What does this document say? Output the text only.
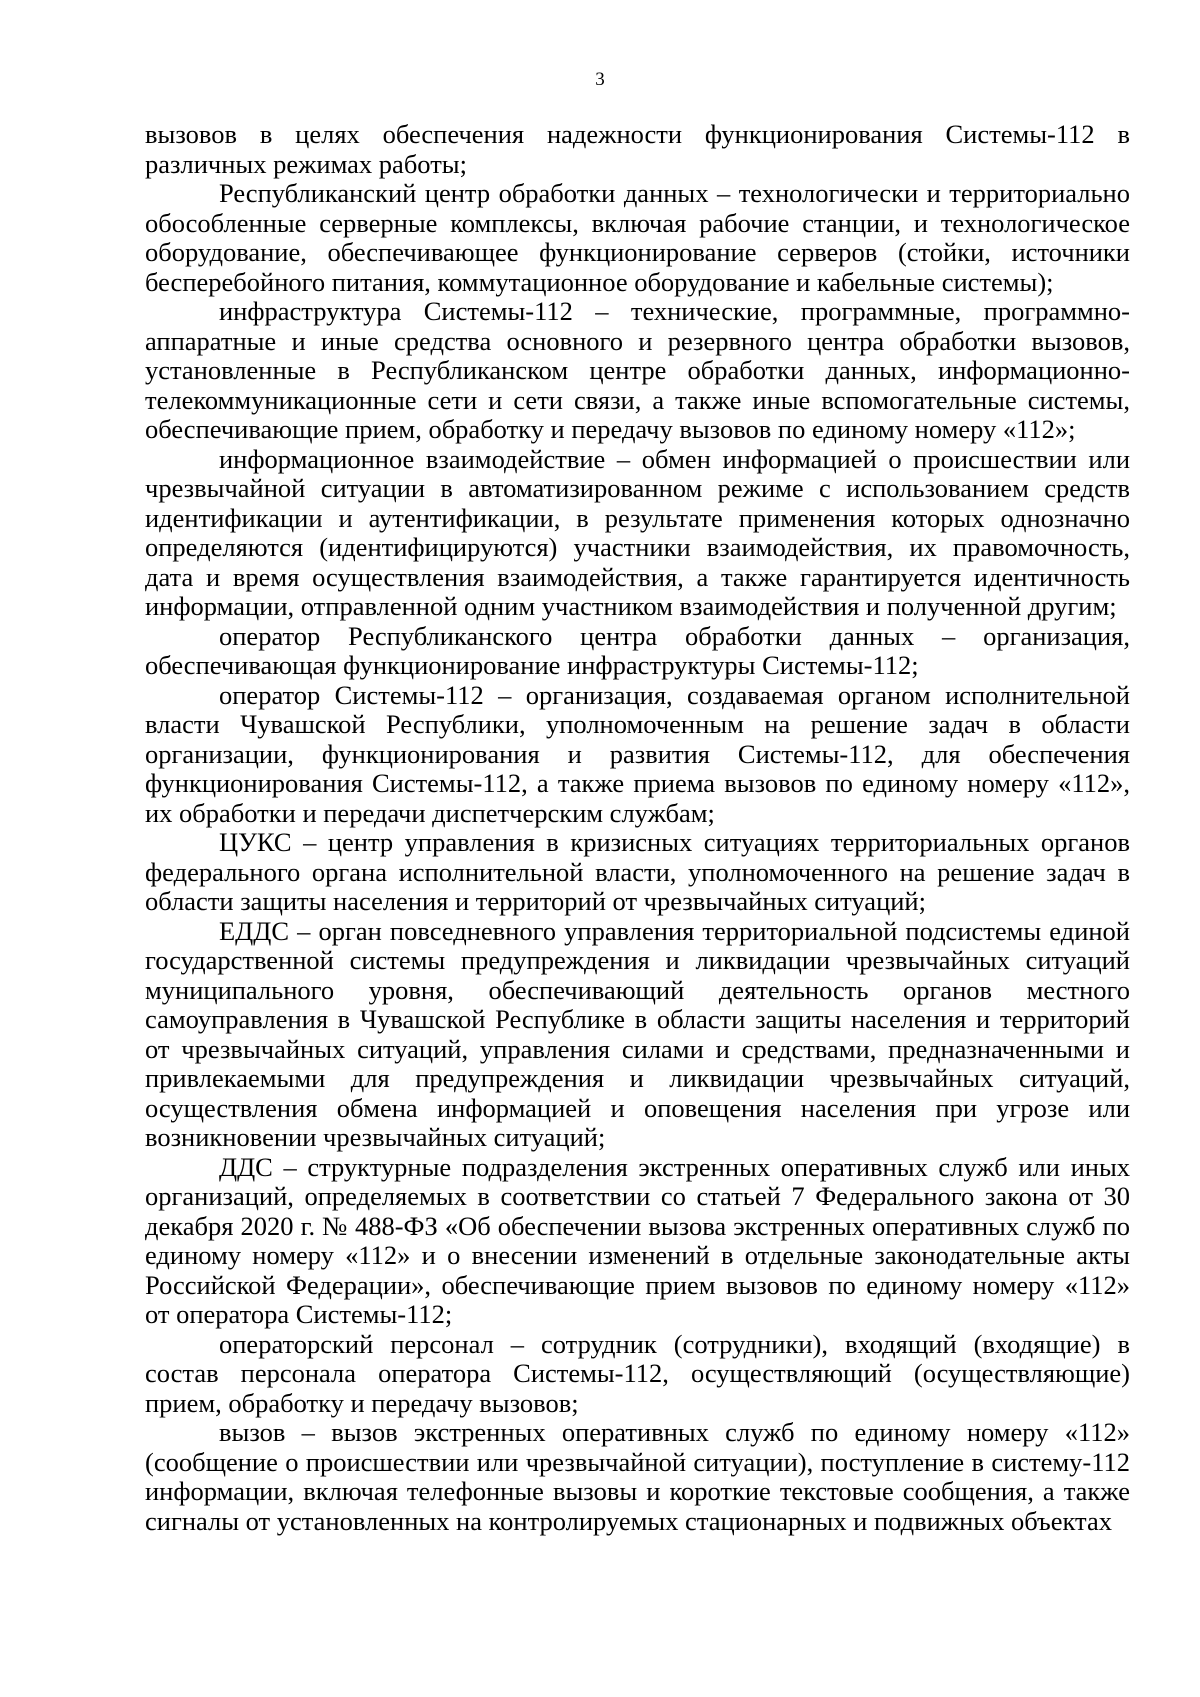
3

вызовов в целях обеспечения надежности функционирования Системы-112 в различных режимах работы;

Республиканский центр обработки данных – технологически и территориально обособленные серверные комплексы, включая рабочие станции, и технологическое оборудование, обеспечивающее функционирование серверов (стойки, источники бесперебойного питания, коммутационное оборудование и кабельные системы);

инфраструктура Системы-112 – технические, программные, программно-аппаратные и иные средства основного и резервного центра обработки вызовов, установленные в Республиканском центре обработки данных, информационно-телекоммуникационные сети и сети связи, а также иные вспомогательные системы, обеспечивающие прием, обработку и передачу вызовов по единому номеру «112»;

информационное взаимодействие – обмен информацией о происшествии или чрезвычайной ситуации в автоматизированном режиме с использованием средств идентификации и аутентификации, в результате применения которых однозначно определяются (идентифицируются) участники взаимодействия, их правомочность, дата и время осуществления взаимодействия, а также гарантируется идентичность информации, отправленной одним участником взаимодействия и полученной другим;

оператор Республиканского центра обработки данных – организация, обеспечивающая функционирование инфраструктуры Системы-112;

оператор Системы-112 – организация, создаваемая органом исполнительной власти Чувашской Республики, уполномоченным на решение задач в области организации, функционирования и развития Системы-112, для обеспечения функционирования Системы-112, а также приема вызовов по единому номеру «112», их обработки и передачи диспетчерским службам;

ЦУКС – центр управления в кризисных ситуациях территориальных органов федерального органа исполнительной власти, уполномоченного на решение задач в области защиты населения и территорий от чрезвычайных ситуаций;

ЕДДС – орган повседневного управления территориальной подсистемы единой государственной системы предупреждения и ликвидации чрезвычайных ситуаций муниципального уровня, обеспечивающий деятельность органов местного самоуправления в Чувашской Республике в области защиты населения и территорий от чрезвычайных ситуаций, управления силами и средствами, предназначенными и привлекаемыми для предупреждения и ликвидации чрезвычайных ситуаций, осуществления обмена информацией и оповещения населения при угрозе или возникновении чрезвычайных ситуаций;

ДДС – структурные подразделения экстренных оперативных служб или иных организаций, определяемых в соответствии со статьей 7 Федерального закона от 30 декабря 2020 г. № 488-ФЗ «Об обеспечении вызова экстренных оперативных служб по единому номеру «112» и о внесении изменений в отдельные законодательные акты Российской Федерации», обеспечивающие прием вызовов по единому номеру «112» от оператора Системы-112;

операторский персонал – сотрудник (сотрудники), входящий (входящие) в состав персонала оператора Системы-112, осуществляющий (осуществляющие) прием, обработку и передачу вызовов;

вызов – вызов экстренных оперативных служб по единому номеру «112» (сообщение о происшествии или чрезвычайной ситуации), поступление в систему-112 информации, включая телефонные вызовы и короткие текстовые сообщения, а также сигналы от установленных на контролируемых стационарных и подвижных объектах
